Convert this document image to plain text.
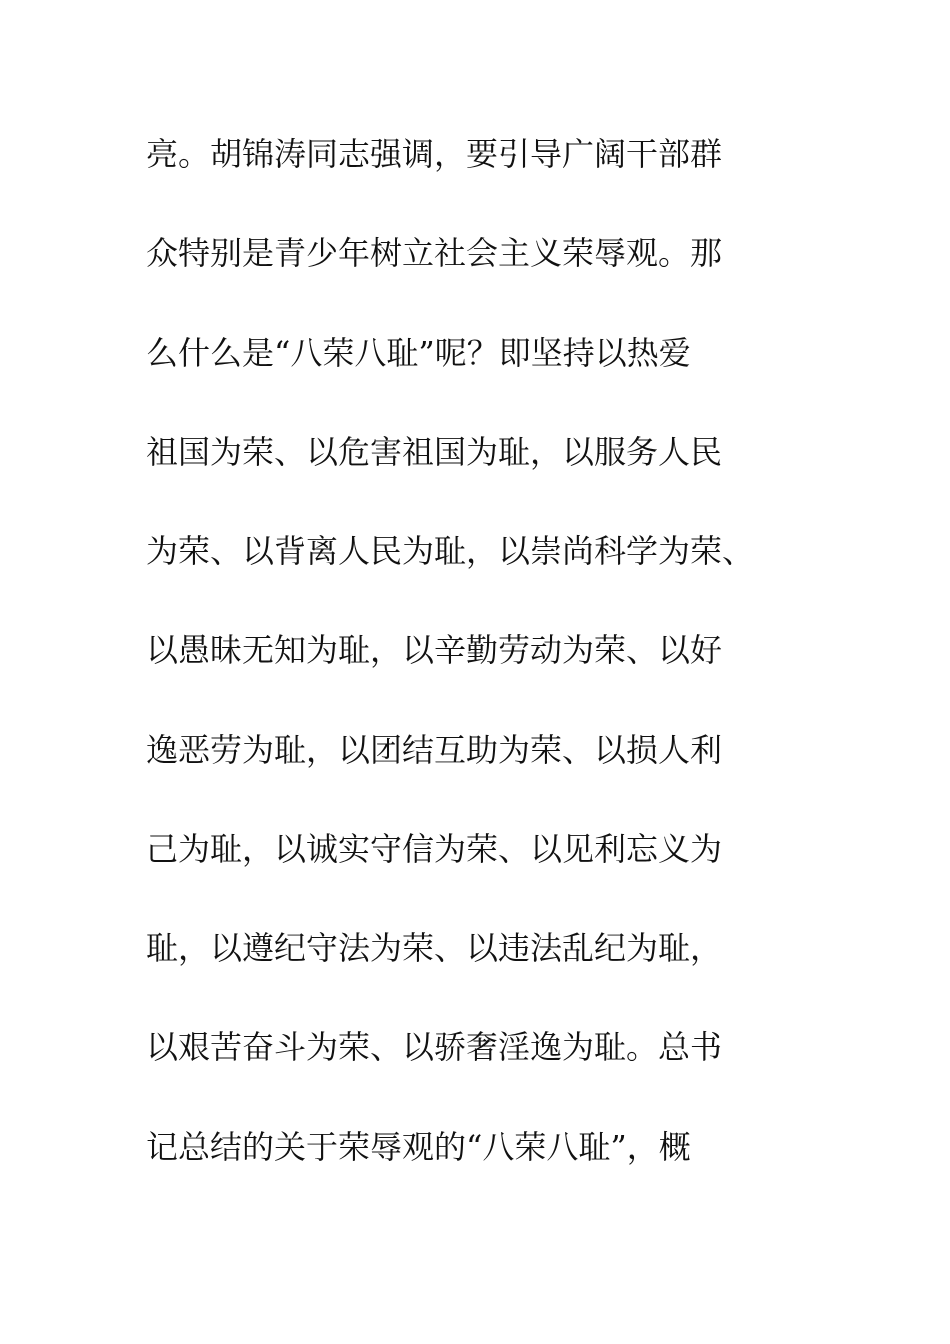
亮。胡锦涛同志强调，要引导广阔干部群
众特别是青少年树立社会主义荣辱观。那
么什么是“八荣八耻”呢？即坚持以热爱
祖国为荣、以危害祖国为耻，以服务人民
为荣、以背离人民为耻，以崇尚科学为荣、
以愚昧无知为耻，以辛勤劳动为荣、以好
逸恶劳为耻，以团结互助为荣、以损人利
己为耻，以诚实守信为荣、以见利忘义为
耻，以遵纪守法为荣、以违法乱纪为耻，
以艰苦奋斗为荣、以骄奢淫逸为耻。总书
记总结的关于荣辱观的“八荣八耻”，概
